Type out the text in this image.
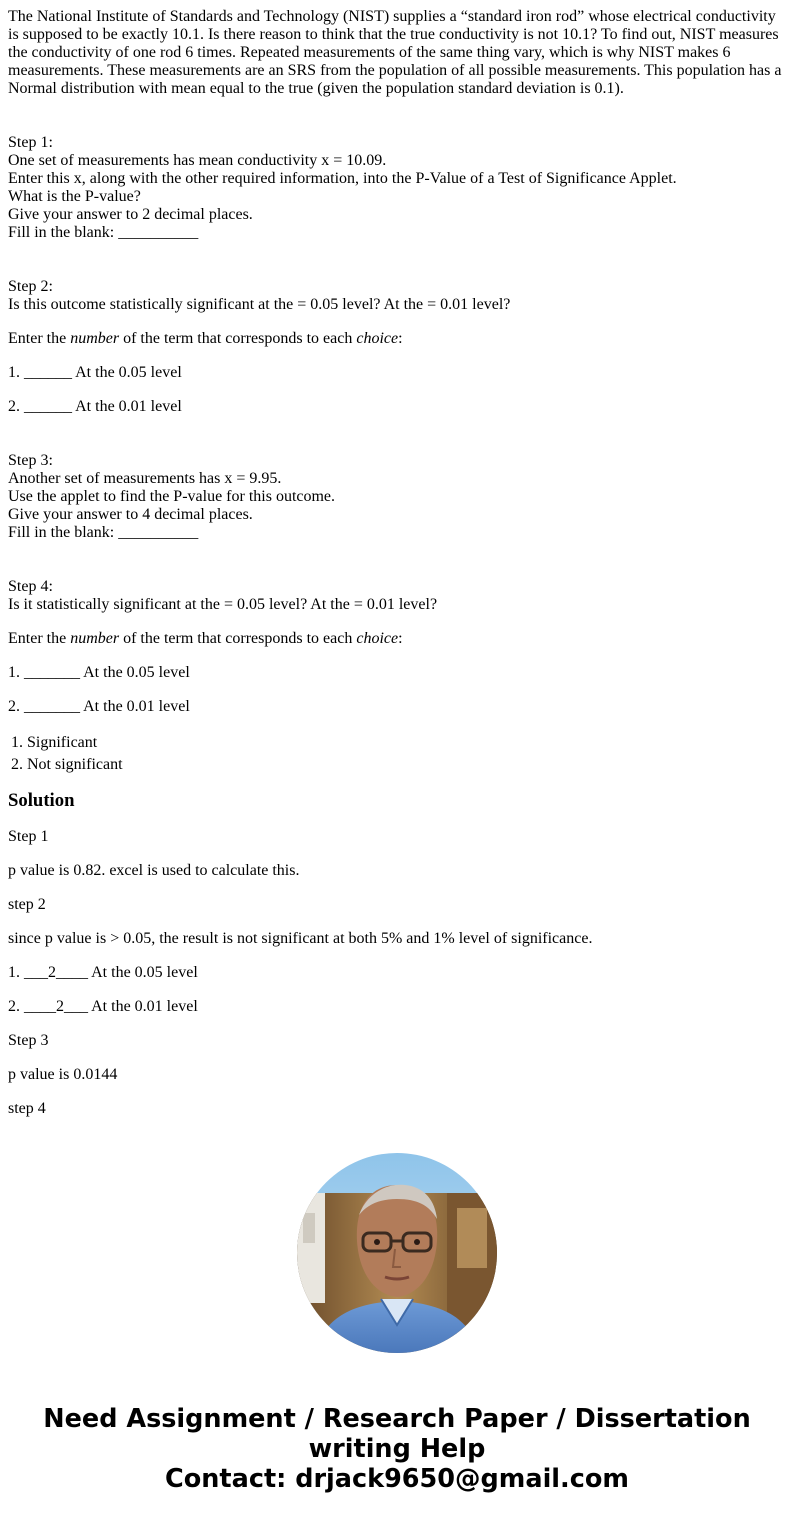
The National Institute of Standards and Technology (NIST) supplies a “standard iron rod” whose electrical conductivity is supposed to be exactly 10.1. Is there reason to think that the true conductivity is not 10.1? To find out, NIST measures the conductivity of one rod 6 times. Repeated measurements of the same thing vary, which is why NIST makes 6 measurements. These measurements are an SRS from the population of all possible measurements. This population has a Normal distribution with mean equal to the true (given the population standard deviation is 0.1).

Step 1:
One set of measurements has mean conductivity x = 10.09.
Enter this x, along with the other required information, into the P-Value of a Test of Significance Applet.
What is the P-value?
Give your answer to 2 decimal places.
Fill in the blank: __________
Step 2:
Is this outcome statistically significant at the = 0.05 level? At the = 0.01 level?

Enter the number of the term that corresponds to each choice:

1. ______ At the 0.05 level

2. ______ At the 0.01 level

Step 3:
Another set of measurements has x = 9.95.
Use the applet to find the P-value for this outcome.
Give your answer to 4 decimal places.
Fill in the blank: __________
Step 4:
Is it statistically significant at the = 0.05 level? At the = 0.01 level?

Enter the number of the term that corresponds to each choice:

1. _______ At the 0.05 level

2. _______ At the 0.01 level

1. Significant
2. Not significant
Solution

Step 1

p value is 0.82. excel is used to calculate this.

step 2

since p value is > 0.05, the result is not significant at both 5% and 1% level of significance.

1. ___2____ At the 0.05 level

2. ____2___ At the 0.01 level

Step 3

p value is 0.0144

step 4

Need Assignment / Research Paper / Dissertation
writing Help
Contact: drjack9650@gmail.com
